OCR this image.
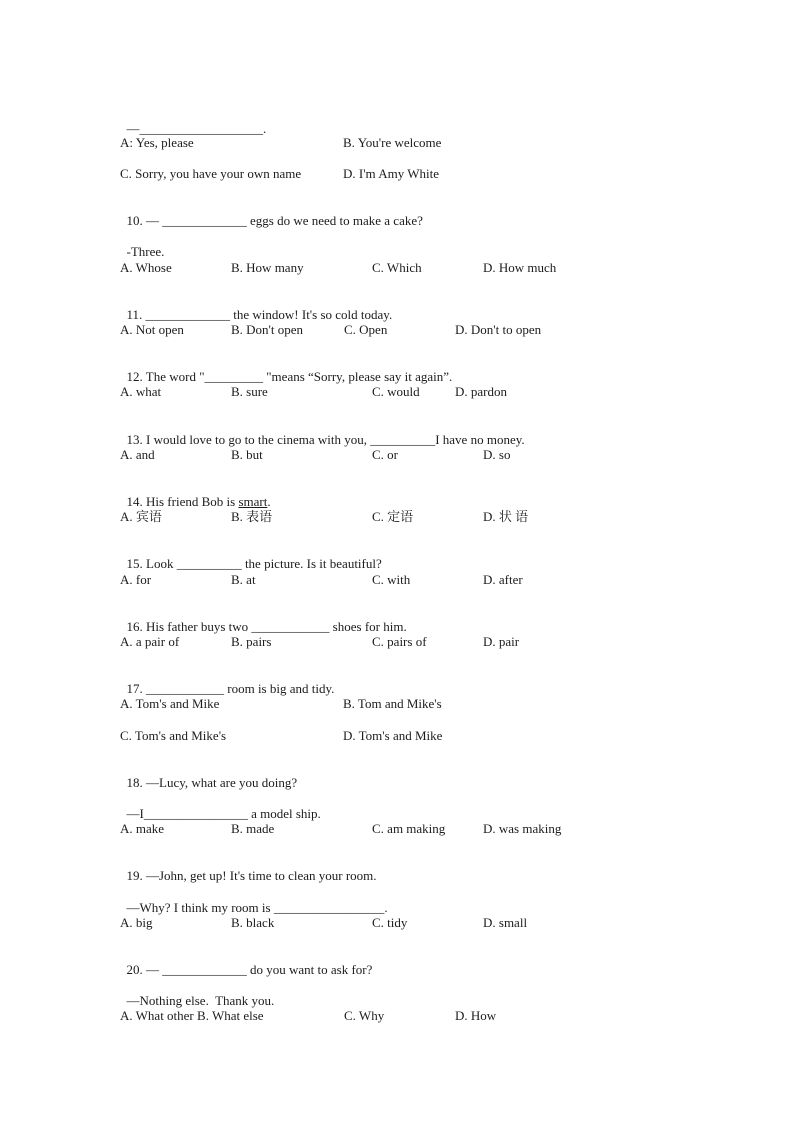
—___________________.

A: Yes, please

	B. You're welcome

C. Sorry, you have your own name

	D. I'm Amy White

10. — _____________ eggs do we need to make a cake?

-Three.

A. Whose

	B. How many

	C. Which

	D. How much

11. _____________ the window! It's so cold today.

A. Not open

	B. Don't open

	C. Open

	D. Don't to open

12. The word "_________ "means “Sorry, please say it again”.

A. what

	B. sure

	C. would

	D. pardon

13. I would love to go to the cinema with you, __________I have no money.

A. and

	B. but

	C. or

	D. so

14. His friend Bob is smart.

A. 宾语

	B. 表语

	C. 定语

	D. 状 语

15. Look __________ the picture. Is it beautiful?

A. for

	B. at

	C. with

	D. after

16. His father buys two ____________ shoes for him.

A. a pair of

	B. pairs

	C. pairs of

	D. pair

17. ____________ room is big and tidy.

A. Tom's and Mike

	B. Tom and Mike's

C. Tom's and Mike's

	D. Tom's and Mike

18. —Lucy, what are you doing?

—I________________ a model ship.

A. make

	B. made

	C. am making

	D. was making

19. —John, get up! It's time to clean your room.

—Why? I think my room is _________________.

A. big

	B. black

	C. tidy

	D. small

20. — _____________ do you want to ask for?

—Nothing else.  Thank you.

A. What other B. What else

	C. Why

	D. How
